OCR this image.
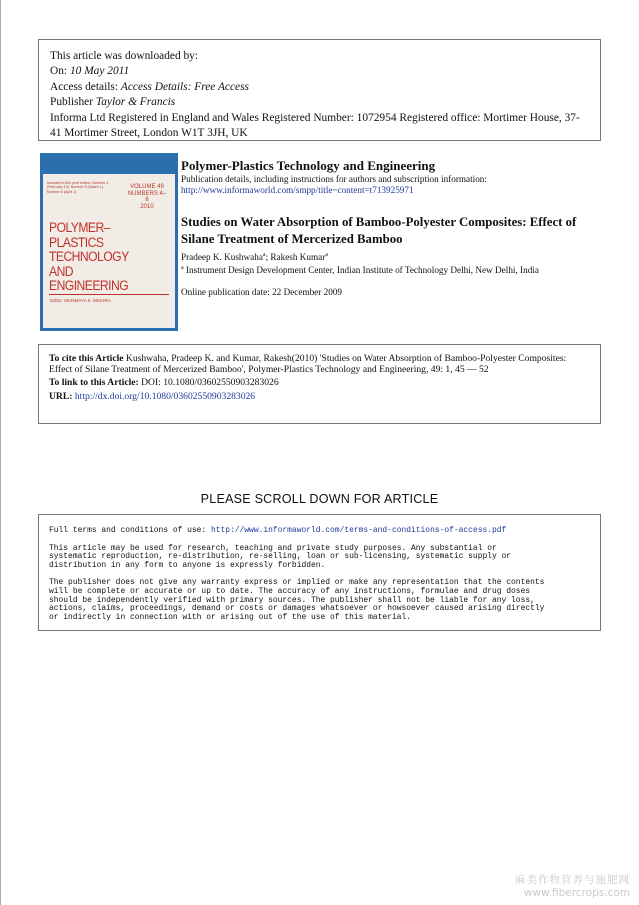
This article was downloaded by:
On: 10 May 2011
Access details: Access Details: Free Access
Publisher Taylor & Francis
Informa Ltd Registered in England and Wales Registered Number: 1072954 Registered office: Mortimer House, 37-41 Mortimer Street, London W1T 3JH, UK
Included in this print edition: Number 4 (February 15), Number 5 (March 1), Number 6 (April 1)
VOLUME 49
NUMBERS 4–6
2010
POLYMER–PLASTICS
TECHNOLOGY
AND
ENGINEERING
Editor: MUNMAYA K. MISHRA
Polymer-Plastics Technology and Engineering
Publication details, including instructions for authors and subscription information:
http://www.informaworld.com/smpp/title~content=t713925971
Studies on Water Absorption of Bamboo-Polyester Composites: Effect of Silane Treatment of Mercerized Bamboo
Pradeep K. Kushwaha$^a$; Rakesh Kumar$^a$
$^a$ Instrument Design Development Center, Indian Institute of Technology Delhi, New Delhi, India
Online publication date: 22 December 2009
To cite this Article Kushwaha, Pradeep K. and Kumar, Rakesh(2010) 'Studies on Water Absorption of Bamboo-Polyester Composites: Effect of Silane Treatment of Mercerized Bamboo', Polymer-Plastics Technology and Engineering, 49: 1, 45 — 52
To link to this Article: DOI: 10.1080/03602550903283026
URL: http://dx.doi.org/10.1080/03602550903283026
PLEASE SCROLL DOWN FOR ARTICLE

Full terms and conditions of use: http://www.informaworld.com/terms-and-conditions-of-access.pdf

This article may be used for research, teaching and private study purposes. Any substantial or
systematic reproduction, re-distribution, re-selling, loan or sub-licensing, systematic supply or
distribution in any form to anyone is expressly forbidden.

The publisher does not give any warranty express or implied or make any representation that the contents
will be complete or accurate or up to date. The accuracy of any instructions, formulae and drug doses
should be independently verified with primary sources. The publisher shall not be liable for any loss,
actions, claims, proceedings, demand or costs or damages whatsoever or howsoever caused arising directly
or indirectly in connection with or arising out of the use of this material.

麻类作物营养与施肥网
www.fibercrops.com
